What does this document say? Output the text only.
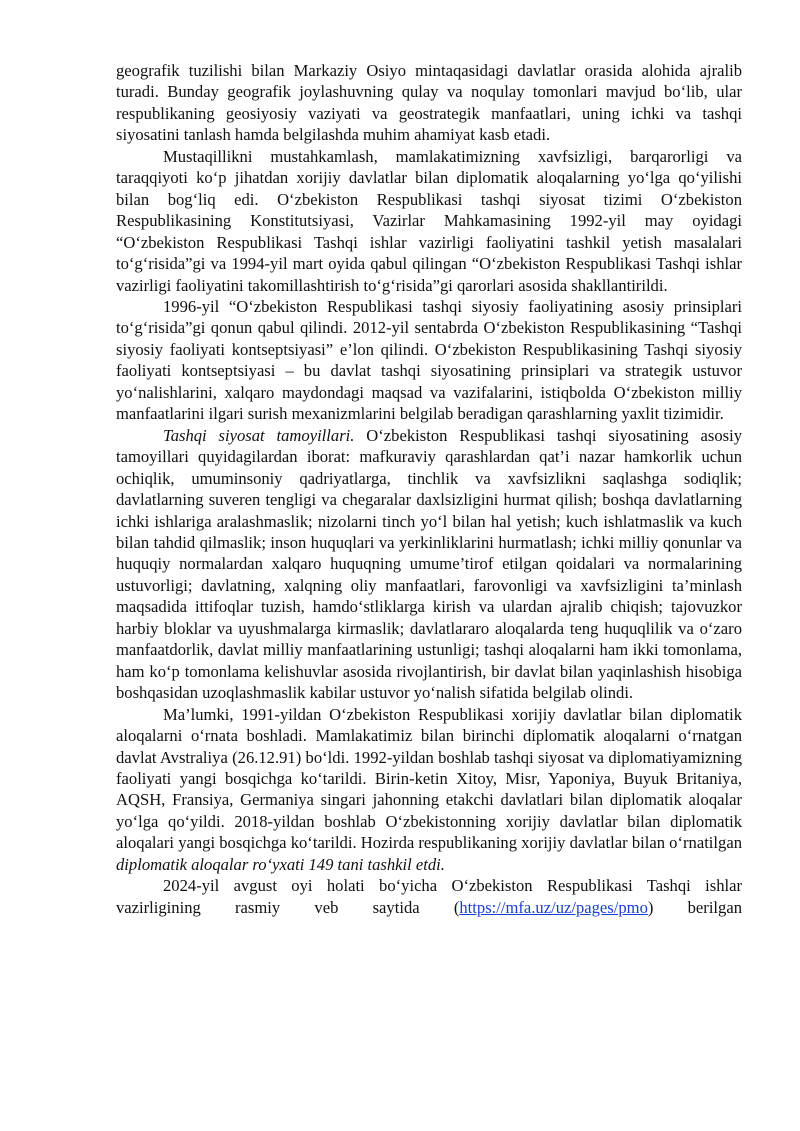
geografik tuzilishi bilan Markaziy Osiyo mintaqasidagi davlatlar orasida alohida ajralib turadi. Bunday geografik joylashuvning qulay va noqulay tomonlari mavjud bo‘lib, ular respublikaning geosiyosiy vaziyati va geostrategik manfaatlari, uning ichki va tashqi siyosatini tanlash hamda belgilashda muhim ahamiyat kasb etadi.

Mustaqillikni mustahkamlash, mamlakatimizning xavfsizligi, barqarorligi va taraqqiyoti ko‘p jihatdan xorijiy davlatlar bilan diplomatik aloqalarning yo‘lga qo‘yilishi bilan bog‘liq edi. O‘zbekiston Respublikasi tashqi siyosat tizimi O‘zbekiston Respublikasining Konstitutsiyasi, Vazirlar Mahkamasining 1992-yil may oyidagi “O‘zbekiston Respublikasi Tashqi ishlar vazirligi faoliyatini tashkil yetish masalalari to‘g‘risida”gi va 1994-yil mart oyida qabul qilingan “O‘zbekiston Respublikasi Tashqi ishlar vazirligi faoliyatini takomillashtirish to‘g‘risida”gi qarorlari asosida shakllantirildi.

1996-yil “O‘zbekiston Respublikasi tashqi siyosiy faoliyatining asosiy prinsiplari to‘g‘risida”gi qonun qabul qilindi. 2012-yil sentabrda O‘zbekiston Respublikasining “Tashqi siyosiy faoliyati kontseptsiyasi” e’lon qilindi. O‘zbekiston Respublikasining Tashqi siyosiy faoliyati kontseptsiyasi – bu davlat tashqi siyosatining prinsiplari va strategik ustuvor yo‘nalishlarini, xalqaro maydondagi maqsad va vazifalarini, istiqbolda O‘zbekiston milliy manfaatlarini ilgari surish mexanizmlarini belgilab beradigan qarashlarning yaxlit tizimidir.

Tashqi siyosat tamoyillari. O‘zbekiston Respublikasi tashqi siyosatining asosiy tamoyillari quyidagilardan iborat: mafkuraviy qarashlardan qat’i nazar hamkorlik uchun ochiqlik, umuminsoniy qadriyatlarga, tinchlik va xavfsizlikni saqlashga sodiqlik; davlatlarning suveren tengligi va chegaralar daxlsizligini hurmat qilish; boshqa davlatlarning ichki ishlariga aralashmaslik; nizolarni tinch yo‘l bilan hal yetish; kuch ishlatmaslik va kuch bilan tahdid qilmaslik; inson huquqlari va yerkinliklarini hurmatlash; ichki milliy qonunlar va huquqiy normalardan xalqaro huquqning umume’tirof etilgan qoidalari va normalarining ustuvorligi; davlatning, xalqning oliy manfaatlari, farovonligi va xavfsizligini ta’minlash maqsadida ittifoqlar tuzish, hamdo‘stliklarga kirish va ulardan ajralib chiqish; tajovuzkor harbiy bloklar va uyushmalarga kirmaslik; davlatlararo aloqalarda teng huquqlilik va o‘zaro manfaatdorlik, davlat milliy manfaatlarining ustunligi; tashqi aloqalarni ham ikki tomonlama, ham ko‘p tomonlama kelishuvlar asosida rivojlantirish, bir davlat bilan yaqinlashish hisobiga boshqasidan uzoqlashmaslik kabilar ustuvor yo‘nalish sifatida belgilab olindi.

Ma’lumki, 1991-yildan O‘zbekiston Respublikasi xorijiy davlatlar bilan diplomatik aloqalarni o‘rnata boshladi. Mamlakatimiz bilan birinchi diplomatik aloqalarni o‘rnatgan davlat Avstraliya (26.12.91) bo‘ldi. 1992-yildan boshlab tashqi siyosat va diplomatiyamizning faoliyati yangi bosqichga ko‘tarildi. Birin-ketin Xitoy, Misr, Yaponiya, Buyuk Britaniya, AQSH, Fransiya, Germaniya singari jahonning etakchi davlatlari bilan diplomatik aloqalar yo‘lga qo‘yildi. 2018-yildan boshlab O‘zbekistonning xorijiy davlatlar bilan diplomatik aloqalari yangi bosqichga ko‘tarildi. Hozirda respublikaning xorijiy davlatlar bilan o‘rnatilgan diplomatik aloqalar ro‘yxati 149 tani tashkil etdi.

2024-yil avgust oyi holati bo‘yicha O‘zbekiston Respublikasi Tashqi ishlar vazirligining rasmiy veb saytida (https://mfa.uz/uz/pages/pmo) berilgan
